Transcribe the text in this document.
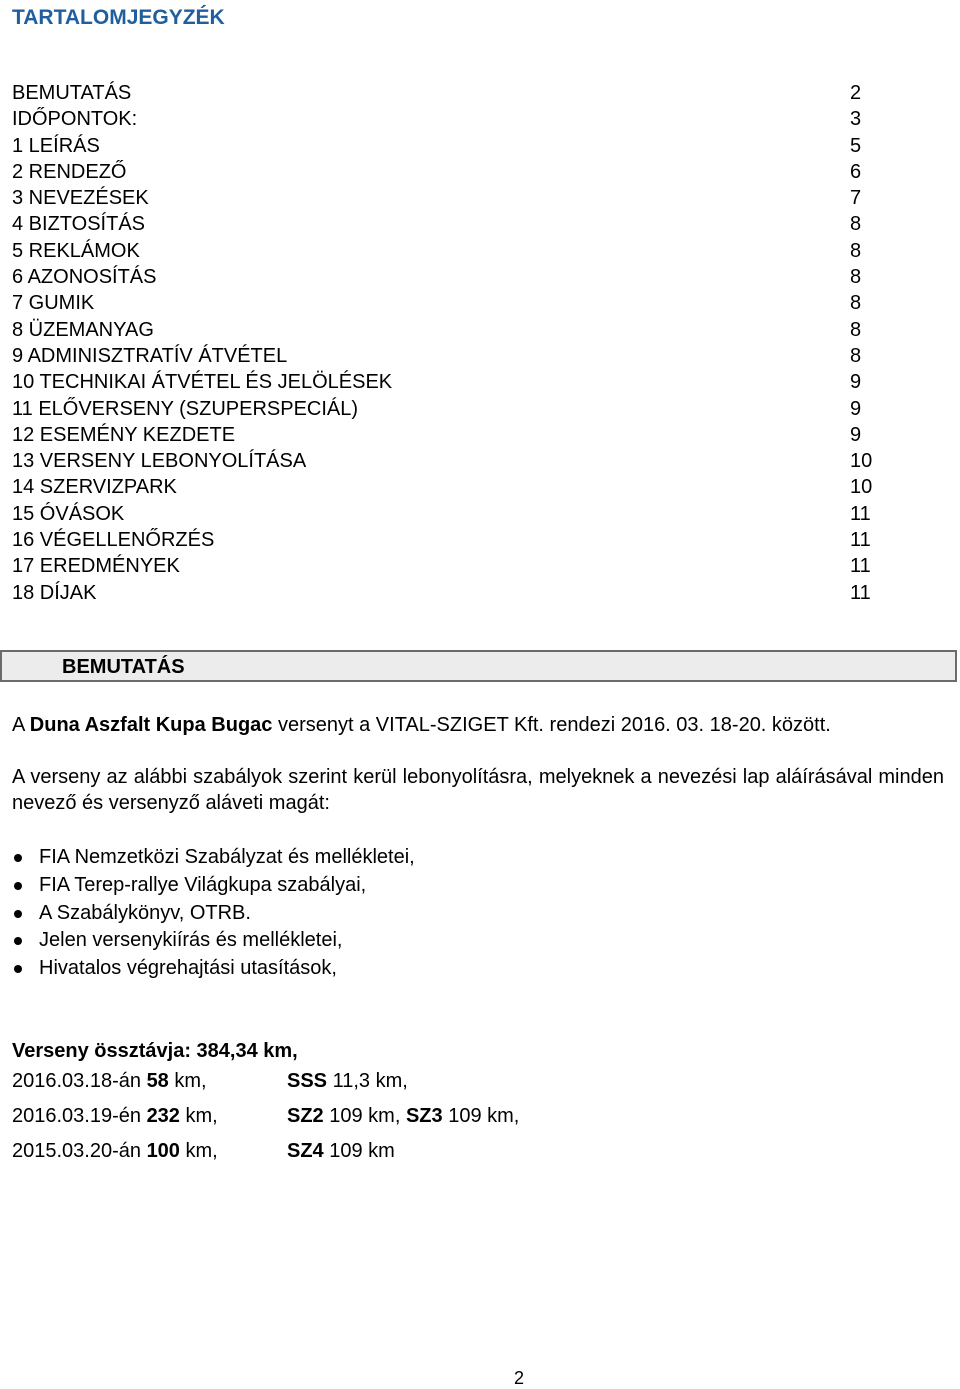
TARTALOMJEGYZÉK
BEMUTATÁS	2
IDŐPONTOK:	3
1 LEÍRÁS	5
2 RENDEZŐ	6
3 NEVEZÉSEK	7
4 BIZTOSÍTÁS	8
5 REKLÁMOK	8
6 AZONOSÍTÁS	8
7 GUMIK	8
8 ÜZEMANYAG	8
9 ADMINISZTRATÍV ÁTVÉTEL	8
10 TECHNIKAI ÁTVÉTEL ÉS JELÖLÉSEK	9
11 ELŐVERSENY (SZUPERSPECIÁL)	9
12 ESEMÉNY KEZDETE	9
13 VERSENY LEBONYOLÍTÁSA	10
14 SZERVIZPARK	10
15 ÓVÁSOK	11
16 VÉGELLENŐRZÉS	11
17 EREDMÉNYEK	11
18 DÍJAK	11
BEMUTATÁS

A Duna Aszfalt Kupa Bugac versenyt a VITAL-SZIGET Kft. rendezi 2016. 03. 18-20. között.

A verseny az alábbi szabályok szerint kerül lebonyolításra, melyeknek a nevezési lap aláírásával minden nevező és versenyző aláveti magát:

FIA Nemzetközi Szabályzat és mellékletei,
FIA Terep-rallye Világkupa szabályai,
A Szabálykönyv, OTRB.
Jelen versenykiírás és mellékletei,
Hivatalos végrehajtási utasítások,

Verseny össztávja: 384,34 km,

2016.03.18-án 58 km,	SSS 11,3 km,
2016.03.19-én 232 km,	SZ2 109 km, SZ3 109 km,
2015.03.20-án 100 km,	SZ4 109 km
2
